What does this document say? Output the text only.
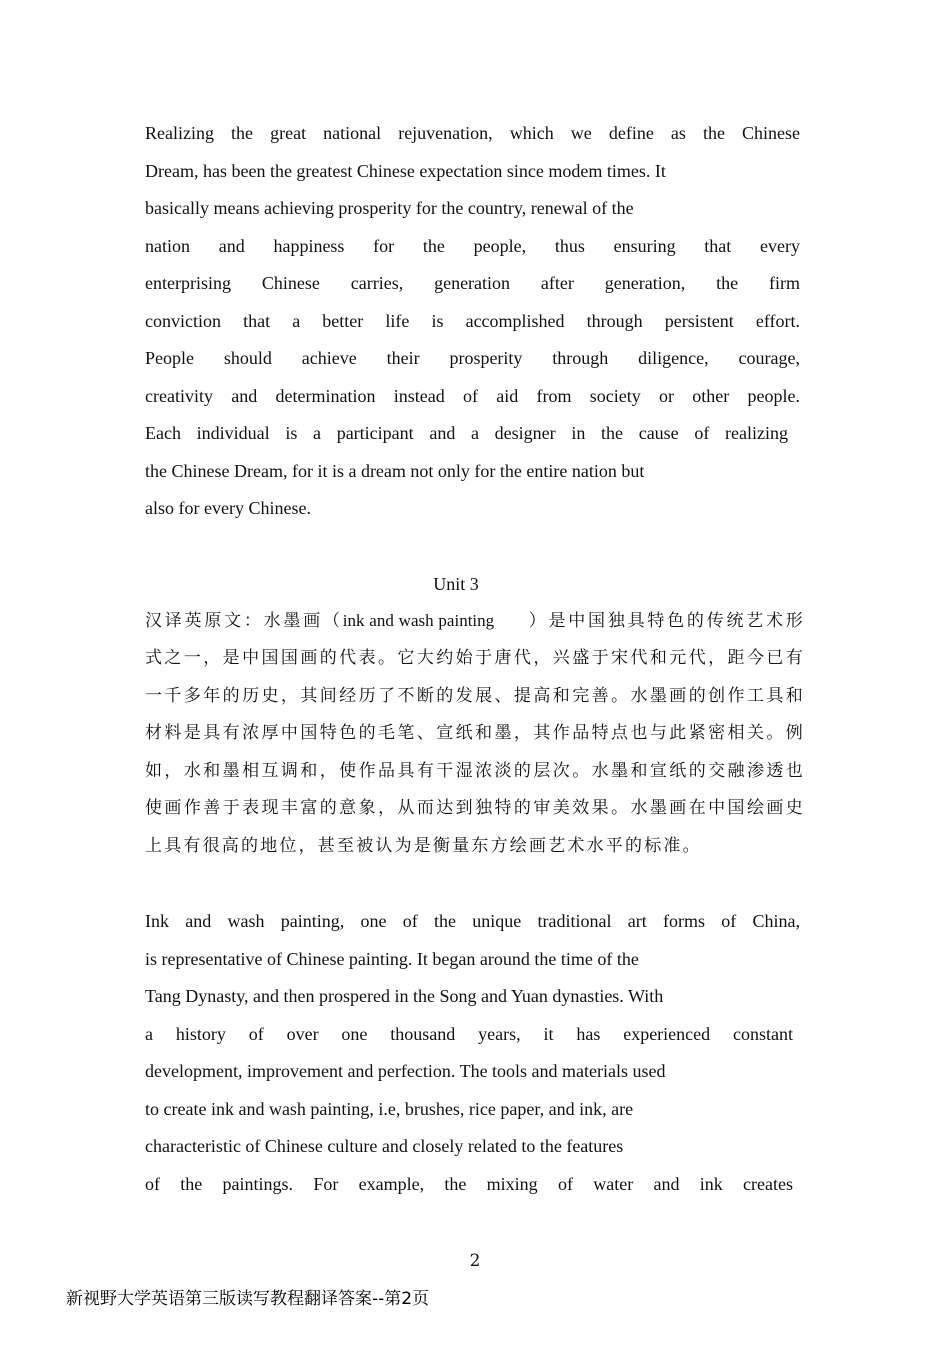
Realizing the great national rejuvenation, which we define as the Chinese
Dream, has been the greatest Chinese expectation since modem times. It
basically means achieving prosperity for the country, renewal of the
nation and happiness for the people, thus ensuring that every
enterprising Chinese carries, generation after generation, the firm
conviction that a better life is accomplished through persistent effort.
People should achieve their prosperity through diligence, courage,
creativity and determination instead of aid from society or other people.
Each individual is a participant and a designer in the cause of realizing
the Chinese Dream, for it is a dream not only for the entire nation but
also for every Chinese.
Unit 3
汉译英原文：水墨画（ink and wash painting ）是中国独具特色的传统艺术形
式之一，是中国国画的代表。它大约始于唐代，兴盛于宋代和元代，距今已有
一千多年的历史，其间经历了不断的发展、提高和完善。水墨画的创作工具和
材料是具有浓厚中国特色的毛笔、宣纸和墨，其作品特点也与此紧密相关。例
如，水和墨相互调和，使作品具有干湿浓淡的层次。水墨和宣纸的交融渗透也
使画作善于表现丰富的意象，从而达到独特的审美效果。水墨画在中国绘画史
上具有很高的地位，甚至被认为是衡量东方绘画艺术水平的标准。
Ink and wash painting, one of the unique traditional art forms of China,
is representative of Chinese painting. It began around the time of the
Tang Dynasty, and then prospered in the Song and Yuan dynasties. With
a history of over one thousand years, it has experienced constant
development, improvement and perfection. The tools and materials used
to create ink and wash painting, i.e, brushes, rice paper, and ink, are
characteristic of Chinese culture and closely related to the features
of the paintings. For example, the mixing of water and ink creates
2
新视野大学英语第三版读写教程翻译答案--第2页
